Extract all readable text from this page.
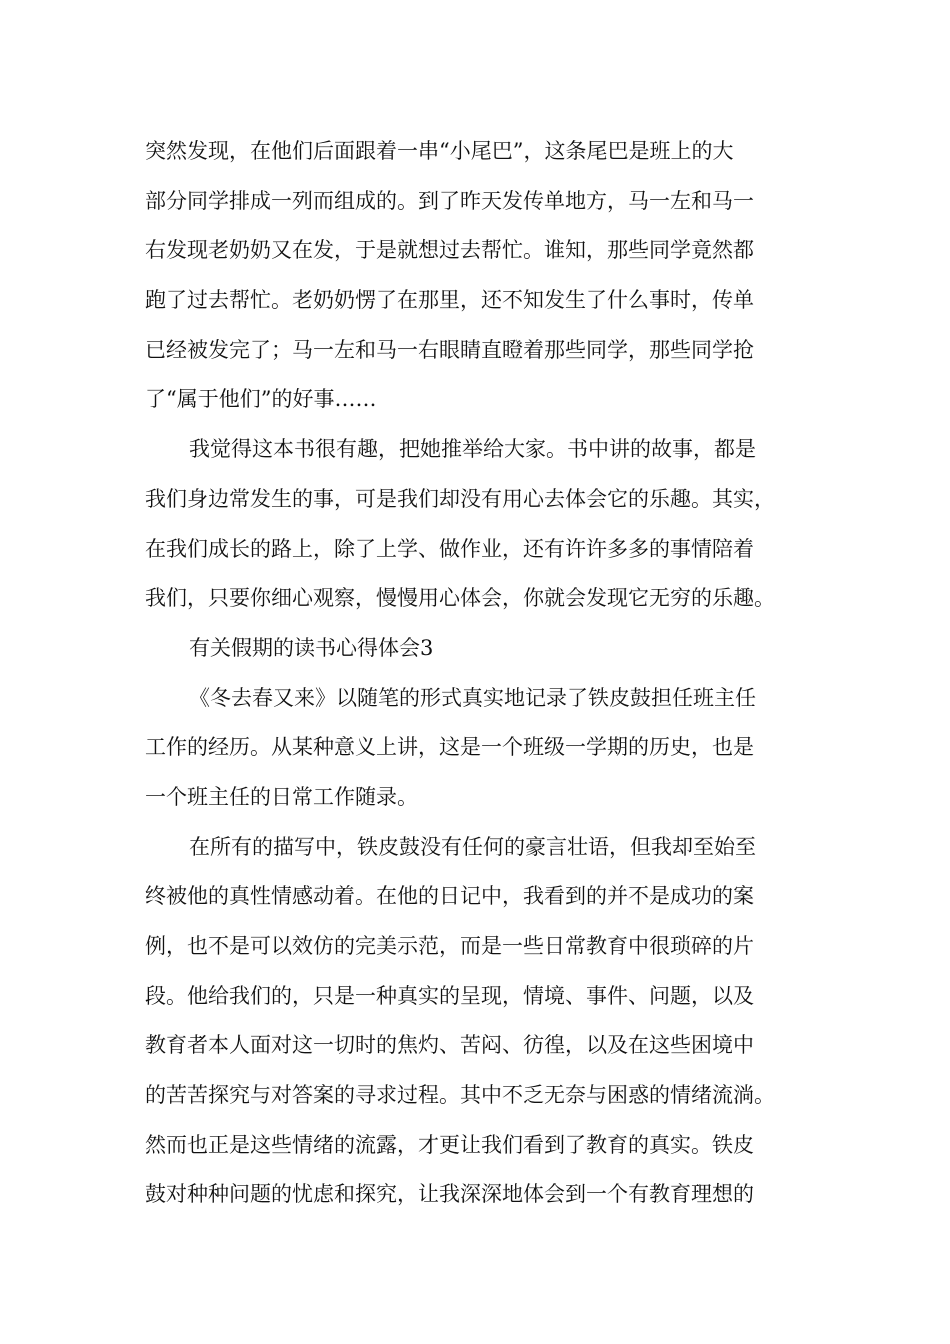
突然发现，在他们后面跟着一串“小尾巴”，这条尾巴是班上的大
部分同学排成一列而组成的。到了昨天发传单地方，马一左和马一
右发现老奶奶又在发，于是就想过去帮忙。谁知，那些同学竟然都
跑了过去帮忙。老奶奶愣了在那里，还不知发生了什么事时，传单
已经被发完了；马一左和马一右眼睛直瞪着那些同学，那些同学抢
了“属于他们”的好事……
我觉得这本书很有趣，把她推举给大家。书中讲的故事，都是
我们身边常发生的事，可是我们却没有用心去体会它的乐趣。其实，
在我们成长的路上，除了上学、做作业，还有许许多多的事情陪着
我们，只要你细心观察，慢慢用心体会，你就会发现它无穷的乐趣。
有关假期的读书心得体会3
《冬去春又来》以随笔的形式真实地记录了铁皮鼓担任班主任
工作的经历。从某种意义上讲，这是一个班级一学期的历史，也是
一个班主任的日常工作随录。
在所有的描写中，铁皮鼓没有任何的豪言壮语，但我却至始至
终被他的真性情感动着。在他的日记中，我看到的并不是成功的案
例，也不是可以效仿的完美示范，而是一些日常教育中很琐碎的片
段。他给我们的，只是一种真实的呈现，情境、事件、问题，以及
教育者本人面对这一切时的焦灼、苦闷、彷徨，以及在这些困境中
的苦苦探究与对答案的寻求过程。其中不乏无奈与困惑的情绪流淌。
然而也正是这些情绪的流露，才更让我们看到了教育的真实。铁皮
鼓对种种问题的忧虑和探究，让我深深地体会到一个有教育理想的
